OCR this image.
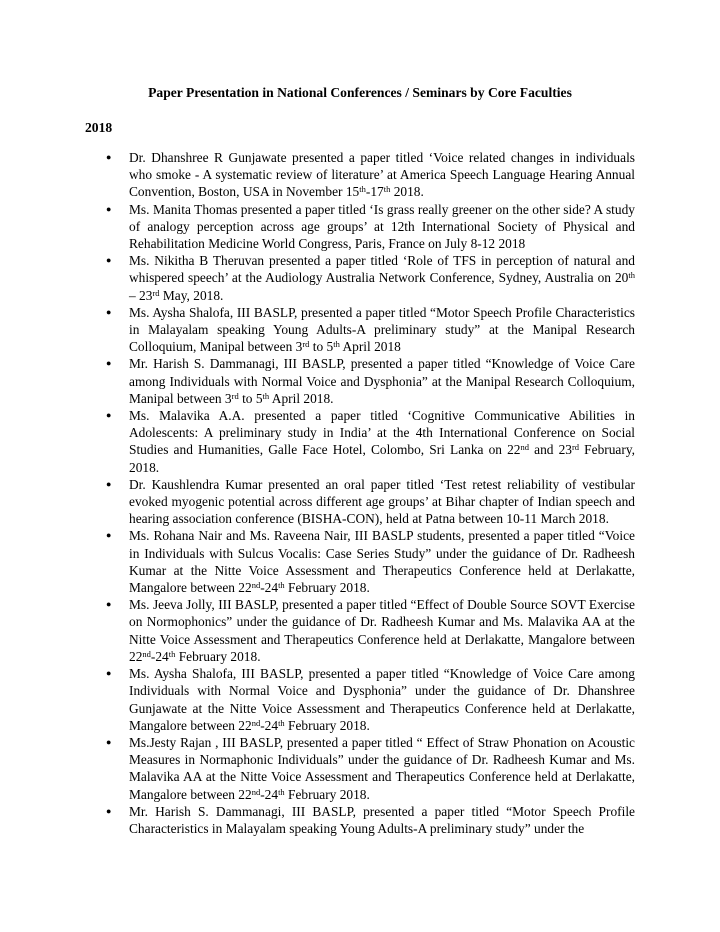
Paper Presentation in National Conferences / Seminars by Core Faculties
2018
● Dr. Dhanshree R Gunjawate presented a paper titled ‘Voice related changes in individuals who smoke - A systematic review of literature’ at America Speech Language Hearing Annual Convention, Boston, USA in November 15th-17th 2018.
● Ms. Manita Thomas presented a paper titled ‘Is grass really greener on the other side? A study of analogy perception across age groups’ at 12th International Society of Physical and Rehabilitation Medicine World Congress, Paris, France on July 8-12 2018
● Ms. Nikitha B Theruvan presented a paper titled ‘Role of TFS in perception of natural and whispered speech’ at the Audiology Australia Network Conference, Sydney, Australia on 20th – 23rd May, 2018.
● Ms. Aysha Shalofa, III BASLP, presented a paper titled “Motor Speech Profile Characteristics in Malayalam speaking Young Adults-A preliminary study” at the Manipal Research Colloquium, Manipal between 3rd to 5th April 2018
● Mr. Harish S. Dammanagi, III BASLP, presented a paper titled “Knowledge of Voice Care among Individuals with Normal Voice and Dysphonia” at the Manipal Research Colloquium, Manipal between 3rd to 5th April 2018.
● Ms. Malavika A.A. presented a paper titled ‘Cognitive Communicative Abilities in Adolescents: A preliminary study in India’ at the 4th International Conference on Social Studies and Humanities, Galle Face Hotel, Colombo, Sri Lanka on 22nd and 23rd February, 2018.
● Dr. Kaushlendra Kumar presented an oral paper titled ‘Test retest reliability of vestibular evoked myogenic potential across different age groups’ at Bihar chapter of Indian speech and hearing association conference (BISHA-CON), held at Patna between 10-11 March 2018.
● Ms. Rohana Nair and Ms. Raveena Nair, III BASLP students, presented a paper titled “Voice in Individuals with Sulcus Vocalis: Case Series Study” under the guidance of Dr. Radheesh Kumar at the Nitte Voice Assessment and Therapeutics Conference held at Derlakatte, Mangalore between 22nd-24th February 2018.
● Ms. Jeeva Jolly, III BASLP, presented a paper titled “Effect of Double Source SOVT Exercise on Normophonics” under the guidance of Dr. Radheesh Kumar and Ms. Malavika AA at the Nitte Voice Assessment and Therapeutics Conference held at Derlakatte, Mangalore between 22nd-24th February 2018.
● Ms. Aysha Shalofa, III BASLP, presented a paper titled “Knowledge of Voice Care among Individuals with Normal Voice and Dysphonia” under the guidance of Dr. Dhanshree Gunjawate at the Nitte Voice Assessment and Therapeutics Conference held at Derlakatte, Mangalore between 22nd-24th February 2018.
● Ms.Jesty Rajan , III BASLP, presented a paper titled “ Effect of Straw Phonation on Acoustic Measures in Normaphonic Individuals” under the guidance of Dr. Radheesh Kumar and Ms. Malavika AA at the Nitte Voice Assessment and Therapeutics Conference held at Derlakatte, Mangalore between 22nd-24th February 2018.
● Mr. Harish S. Dammanagi, III BASLP, presented a paper titled “Motor Speech Profile Characteristics in Malayalam speaking Young Adults-A preliminary study” under the
